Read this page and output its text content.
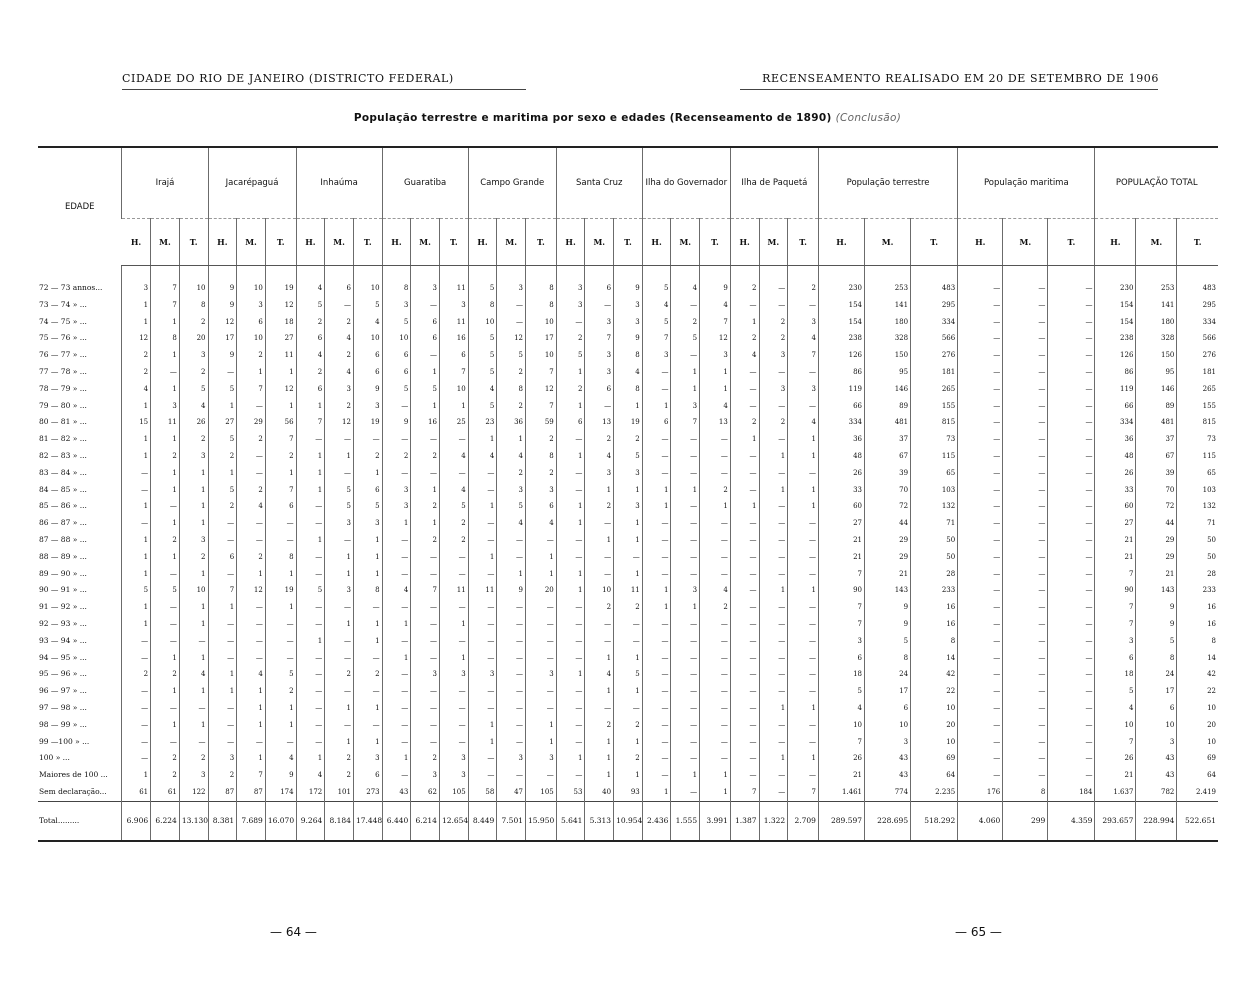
CIDADE DO RIO DE JANEIRO (DISTRICTO FEDERAL)	RECENSEAMENTO REALISADO EM 20 DE SETEMBRO DE 1906
População terrestre e maritima por sexo e edades (Recenseamento de 1890) (Conclusão)
EDADE	Irajá			Jacarépaguá			Inhaúma			Guaratiba			Campo Grande			Santa Cruz			Ilha do Governador			Ilha de Paquetá			População terrestre			População maritima			POPULAÇÃO TOTAL		
	H.	M.	T.	H.	M.	T.	H.	M.	T.	H.	M.	T.	H.	M.	T.	H.	M.	T.	H.	M.	T.	H.	M.	T.	H.	M.	T.	H.	M.	T.	H.	M.	T.
72 — 73 annos...	3	7	10	9	10	19	4	6	10	8	3	11	5	3	8	3	6	9	5	4	9	2	—	2	230	253	483	—	—	—	230	253	483
73 — 74 » ...	1	7	8	9	3	12	5	—	5	3	—	3	8	—	8	3	—	3	4	—	4	—	—	—	154	141	295	—	—	—	154	141	295
74 — 75 » ...	1	1	2	12	6	18	2	2	4	5	6	11	10	—	10	—	3	3	5	2	7	1	2	3	154	180	334	—	—	—	154	180	334
75 — 76 » ...	12	8	20	17	10	27	6	4	10	10	6	16	5	12	17	2	7	9	7	5	12	2	2	4	238	328	566	—	—	—	238	328	566
76 — 77 » ...	2	1	3	9	2	11	4	2	6	6	—	6	5	5	10	5	3	8	3	—	3	4	3	7	126	150	276	—	—	—	126	150	276
77 — 78 » ...	2	—	2	—	1	1	2	4	6	6	1	7	5	2	7	1	3	4	—	1	1	—	—	—	86	95	181	—	—	—	86	95	181
78 — 79 » ...	4	1	5	5	7	12	6	3	9	5	5	10	4	8	12	2	6	8	—	1	1	—	3	3	119	146	265	—	—	—	119	146	265
79 — 80 » ...	1	3	4	1	—	1	1	2	3	—	1	1	5	2	7	1	—	1	1	3	4	—	—	—	66	89	155	—	—	—	66	89	155
80 — 81 » ...	15	11	26	27	29	56	7	12	19	9	16	25	23	36	59	6	13	19	6	7	13	2	2	4	334	481	815	—	—	—	334	481	815
81 — 82 » ...	1	1	2	5	2	7	—	—	—	—	—	—	1	1	2	—	2	2	—	—	—	1	—	1	36	37	73	—	—	—	36	37	73
82 — 83 » ...	1	2	3	2	—	2	1	1	2	2	2	4	4	4	8	1	4	5	—	—	—	—	1	1	48	67	115	—	—	—	48	67	115
83 — 84 » ...	—	1	1	1	—	1	1	—	1	—	—	—	—	2	2	—	3	3	—	—	—	—	—	—	26	39	65	—	—	—	26	39	65
84 — 85 » ...	—	1	1	5	2	7	1	5	6	3	1	4	—	3	3	—	1	1	1	1	2	—	1	1	33	70	103	—	—	—	33	70	103
85 — 86 » ...	1	—	1	2	4	6	—	5	5	3	2	5	1	5	6	1	2	3	1	—	1	1	—	1	60	72	132	—	—	—	60	72	132
86 — 87 » ...	—	1	1	—	—	—	—	3	3	1	1	2	—	4	4	1	—	1	—	—	—	—	—	—	27	44	71	—	—	—	27	44	71
87 — 88 » ...	1	2	3	—	—	—	1	—	1	—	2	2	—	—	—	—	1	1	—	—	—	—	—	—	21	29	50	—	—	—	21	29	50
88 — 89 » ...	1	1	2	6	2	8	—	1	1	—	—	—	1	—	1	—	—	—	—	—	—	—	—	—	21	29	50	—	—	—	21	29	50
89 — 90 » ...	1	—	1	—	1	1	—	1	1	—	—	—	—	1	1	1	—	1	—	—	—	—	—	—	7	21	28	—	—	—	7	21	28
90 — 91 » ...	5	5	10	7	12	19	5	3	8	4	7	11	11	9	20	1	10	11	1	3	4	—	1	1	90	143	233	—	—	—	90	143	233
91 — 92 » ...	1	—	1	1	—	1	—	—	—	—	—	—	—	—	—	—	2	2	1	1	2	—	—	—	7	9	16	—	—	—	7	9	16
92 — 93 » ...	1	—	1	—	—	—	—	1	1	1	—	1	—	—	—	—	—	—	—	—	—	—	—	—	7	9	16	—	—	—	7	9	16
93 — 94 » ...	—	—	—	—	—	—	1	—	1	—	—	—	—	—	—	—	—	—	—	—	—	—	—	—	3	5	8	—	—	—	3	5	8
94 — 95 » ...	—	1	1	—	—	—	—	—	—	1	—	1	—	—	—	—	1	1	—	—	—	—	—	—	6	8	14	—	—	—	6	8	14
95 — 96 » ...	2	2	4	1	4	5	—	2	2	—	3	3	3	—	3	1	4	5	—	—	—	—	—	—	18	24	42	—	—	—	18	24	42
96 — 97 » ...	—	1	1	1	1	2	—	—	—	—	—	—	—	—	—	—	1	1	—	—	—	—	—	—	5	17	22	—	—	—	5	17	22
97 — 98 » ...	—	—	—	—	1	1	—	1	1	—	—	—	—	—	—	—	—	—	—	—	—	—	1	1	4	6	10	—	—	—	4	6	10
98 — 99 » ...	—	1	1	—	1	1	—	—	—	—	—	—	1	—	1	—	2	2	—	—	—	—	—	—	10	10	20	—	—	—	10	10	20
99 —100 » ...	—	—	—	—	—	—	—	1	1	—	—	—	1	—	1	—	1	1	—	—	—	—	—	—	7	3	10	—	—	—	7	3	10
100 » ...	—	2	2	3	1	4	1	2	3	1	2	3	—	3	3	1	1	2	—	—	—	—	1	1	26	43	69	—	—	—	26	43	69
Maiores de 100 ...	1	2	3	2	7	9	4	2	6	—	3	3	—	—	—	—	1	1	—	1	1	—	—	—	21	43	64	—	—	—	21	43	64
Sem declaração...	61	61	122	87	87	174	172	101	273	43	62	105	58	47	105	53	40	93	1	—	1	7	—	7	1.461	774	2.235	176	8	184	1.637	782	2.419
Total.........	6.906	6.224	13.130	8.381	7.689	16.070	9.264	8.184	17.448	6.440	6.214	12.654	8.449	7.501	15.950	5.641	5.313	10.954	2.436	1.555	3.991	1.387	1.322	2.709	289.597	228.695	518.292	4.060	299	4.359	293.657	228.994	522.651
— 64 —	— 65 —
